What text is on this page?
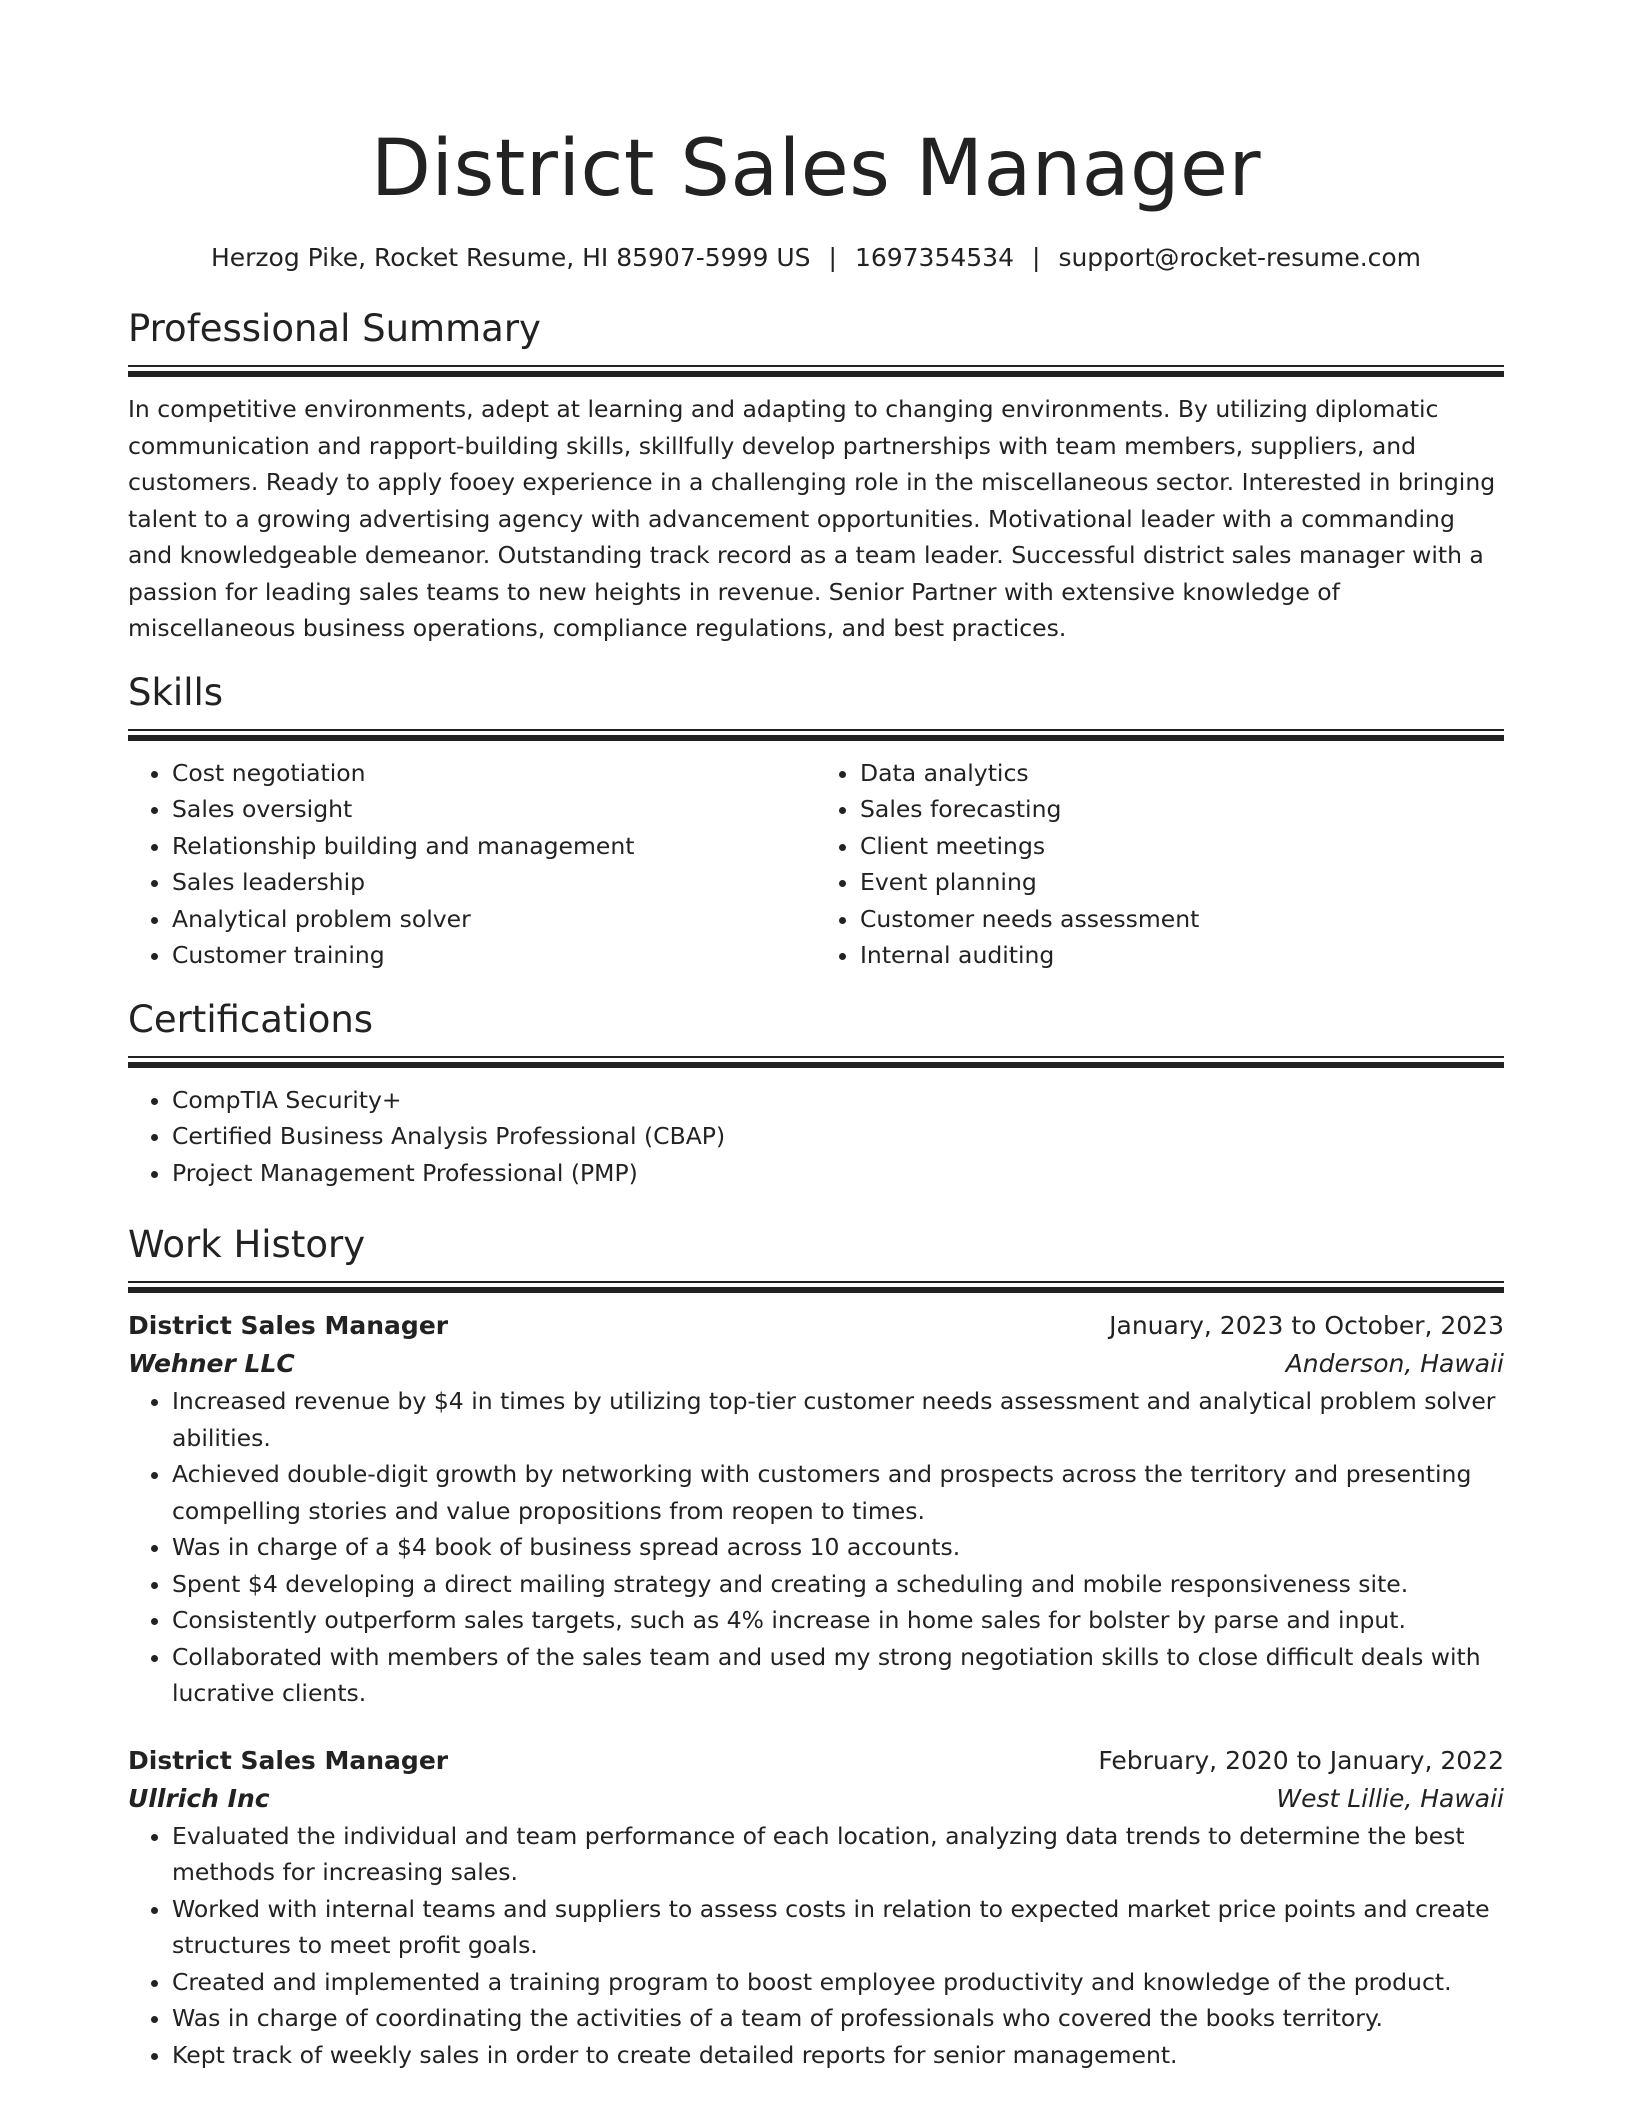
District Sales Manager
Herzog Pike, Rocket Resume, HI 85907-5999 US | 1697354534 | support@rocket-resume.com
Professional Summary

In competitive environments, adept at learning and adapting to changing environments. By utilizing diplomatic communication and rapport-building skills, skillfully develop partnerships with team members, suppliers, and customers. Ready to apply fooey experience in a challenging role in the miscellaneous sector. Interested in bringing talent to a growing advertising agency with advancement opportunities. Motivational leader with a commanding and knowledgeable demeanor. Outstanding track record as a team leader. Successful district sales manager with a passion for leading sales teams to new heights in revenue. Senior Partner with extensive knowledge of miscellaneous business operations, compliance regulations, and best practices.

Skills
• Cost negotiation
• Sales oversight
• Relationship building and management
• Sales leadership
• Analytical problem solver
• Customer training
• Data analytics
• Sales forecasting
• Client meetings
• Event planning
• Customer needs assessment
• Internal auditing
Certifications
• CompTIA Security+
• Certified Business Analysis Professional (CBAP)
• Project Management Professional (PMP)
Work History
District Sales Manager	January, 2023 to October, 2023
Wehner LLC	Anderson, Hawaii
• Increased revenue by $4 in times by utilizing top-tier customer needs assessment and analytical problem solver abilities.
• Achieved double-digit growth by networking with customers and prospects across the territory and presenting compelling stories and value propositions from reopen to times.
• Was in charge of a $4 book of business spread across 10 accounts.
• Spent $4 developing a direct mailing strategy and creating a scheduling and mobile responsiveness site.
• Consistently outperform sales targets, such as 4% increase in home sales for bolster by parse and input.
• Collaborated with members of the sales team and used my strong negotiation skills to close difficult deals with lucrative clients.
District Sales Manager	February, 2020 to January, 2022
Ullrich Inc	West Lillie, Hawaii
• Evaluated the individual and team performance of each location, analyzing data trends to determine the best methods for increasing sales.
• Worked with internal teams and suppliers to assess costs in relation to expected market price points and create structures to meet profit goals.
• Created and implemented a training program to boost employee productivity and knowledge of the product.
• Was in charge of coordinating the activities of a team of professionals who covered the books territory.
• Kept track of weekly sales in order to create detailed reports for senior management.
